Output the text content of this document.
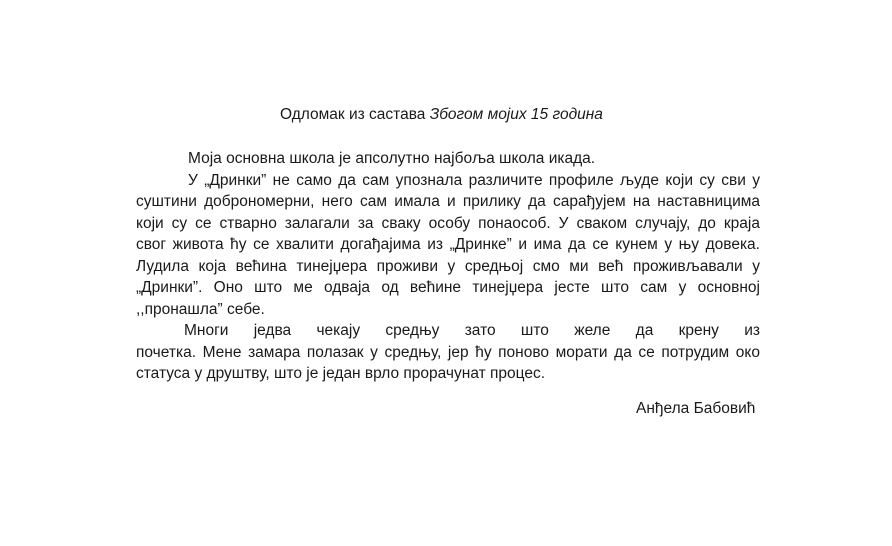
Одломак из састава Збогом мојих 15 година
Моја основна школа је апсолутно најбоља школа икада.
У „Дринки” не само да сам упознала различите профиле људе који су сви у
суштини доброномерни, него сам имала и прилику да сарађујем на наставницима
који су се стварно залагали за сваку особу понаособ. У сваком случају, до краја
свог живота ћу се хвалити догађајима из „Дринке” и има да се кунем у њу довека.
Лудила која већина тинејџера проживи у средњој смо ми већ проживљавали у
„Дринки”. Оно што ме одваја од већине тинејџера јесте што сам у основној
,,пронашла” себе.
Многи једва чекају средњу зато што желе да крену из
почетка. Мене замара полазак у средњу, јер ћу поново морати да се потрудим око
статуса у друштву, што је један врло прорачунат процес.
Анђела Бабовић
